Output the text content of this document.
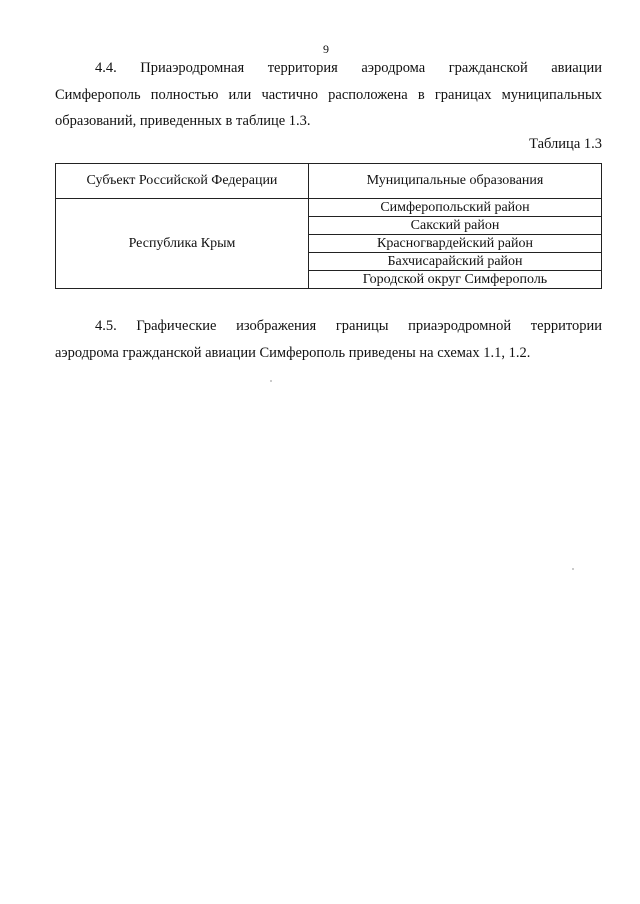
9
4.4. Приаэродромная территория аэродрома гражданской авиации
Симферополь полностью или частично расположена в границах муниципальных образований, приведенных в таблице 1.3.
Таблица 1.3
Субъект Российской Федерации	Муниципальные образования
Республика Крым	Симферопольский район
	Сакский район
	Красногвардейский район
	Бахчисарайский район
	Городской округ Симферополь
4.5. Графические изображения границы приаэродромной территории
аэродрома гражданской авиации Симферополь приведены на схемах 1.1, 1.2.
